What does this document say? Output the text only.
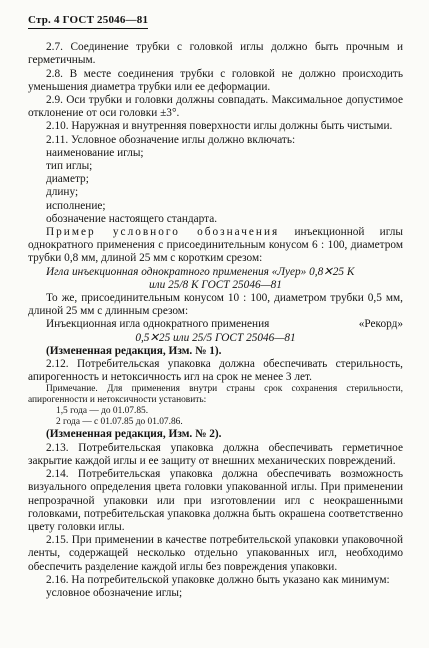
Стр. 4 ГОСТ 25046—81

2.7. Соединение трубки с головкой иглы должно быть прочным и герметичным.

2.8. В месте соединения трубки с головкой не должно происходить уменьшения диаметра трубки или ее деформации.

2.9. Оси трубки и головки должны совпадать. Максимальное допустимое отклонение от оси головки ±3°.

2.10. Наружная и внутренняя поверхности иглы должны быть чистыми.

2.11. Условное обозначение иглы должно включать:

наименование иглы;

тип иглы;

диаметр;

длину;

исполнение;

обозначение настоящего стандарта.

Пример условного обозначения инъекционной иглы однократного применения с присоединительным конусом 6 : 100, диаметром трубки 0,8 мм, длиной 25 мм с коротким срезом:

Игла инъекционная однократного применения «Луер» 0,8✕25 К

или 25/8 К ГОСТ 25046—81

То же, присоединительным конусом 10 : 100, диаметром трубки 0,5 мм, длиной 25 мм с длинным срезом:

Инъекционная игла однократного применения	«Рекорд»

0,5✕25 или 25/5 ГОСТ 25046—81

(Измененная редакция, Изм. № 1).

2.12. Потребительская упаковка должна обеспечивать стерильность, апирогенность и нетоксичность игл на срок не менее 3 лет.

Примечание. Для применения внутри страны срок сохранения стерильности, апирогенности и нетоксичности установить:

1,5 года — до 01.07.85.

2 года — с 01.07.85 до 01.07.86.

(Измененная редакция, Изм. № 2).

2.13. Потребительская упаковка должна обеспечивать герметичное закрытие каждой иглы и ее защиту от внешних механических повреждений.

2.14. Потребительская упаковка должна обеспечивать возможность визуального определения цвета головки упакованной иглы. При применении непрозрачной упаковки или при изготовлении игл с неокрашенными головками, потребительская упаковка должна быть окрашена соответственно цвету головки иглы.

2.15. При применении в качестве потребительской упаковки упаковочной ленты, содержащей несколько отдельно упакованных игл, необходимо обеспечить разделение каждой иглы без повреждения упаковки.

2.16. На потребительской упаковке должно быть указано как минимум:

условное обозначение иглы;
